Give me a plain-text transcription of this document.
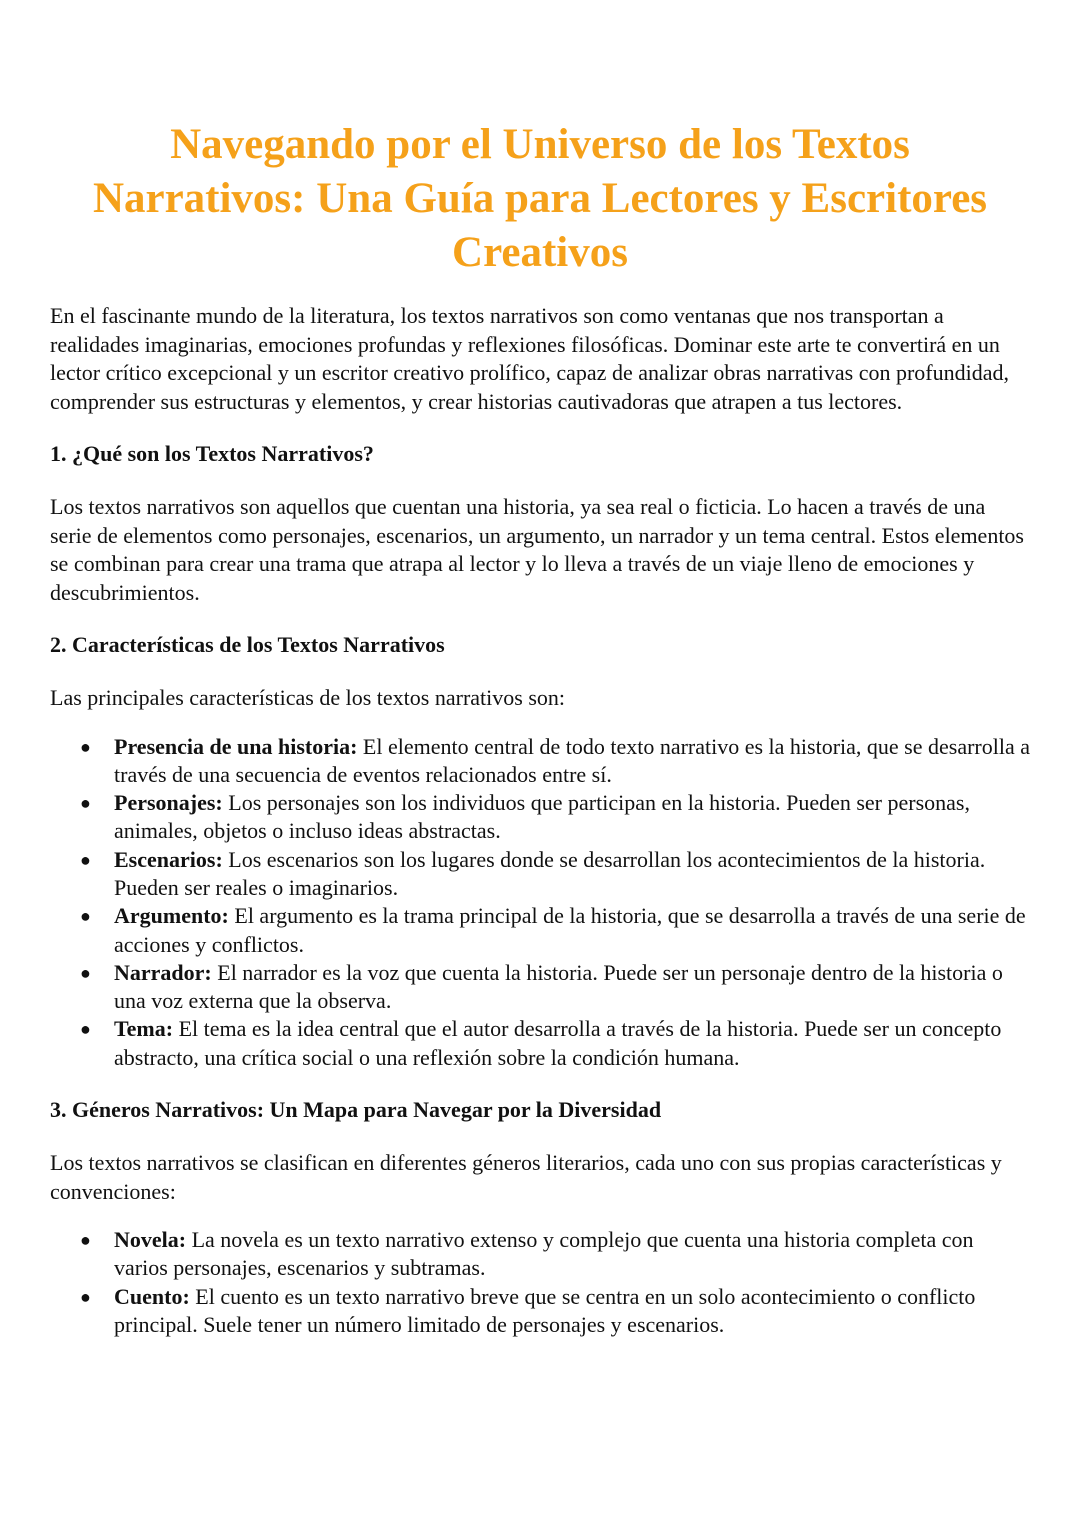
Navegando por el Universo de los Textos Narrativos: Una Guía para Lectores y Escritores Creativos

En el fascinante mundo de la literatura, los textos narrativos son como ventanas que nos transportan a realidades imaginarias, emociones profundas y reflexiones filosóficas. Dominar este arte te convertirá en un lector crítico excepcional y un escritor creativo prolífico, capaz de analizar obras narrativas con profundidad, comprender sus estructuras y elementos, y crear historias cautivadoras que atrapen a tus lectores.

1. ¿Qué son los Textos Narrativos?

Los textos narrativos son aquellos que cuentan una historia, ya sea real o ficticia. Lo hacen a través de una serie de elementos como personajes, escenarios, un argumento, un narrador y un tema central. Estos elementos se combinan para crear una trama que atrapa al lector y lo lleva a través de un viaje lleno de emociones y descubrimientos.

2. Características de los Textos Narrativos

Las principales características de los textos narrativos son:

● Presencia de una historia: El elemento central de todo texto narrativo es la historia, que se desarrolla a través de una secuencia de eventos relacionados entre sí.
● Personajes: Los personajes son los individuos que participan en la historia. Pueden ser personas, animales, objetos o incluso ideas abstractas.
● Escenarios: Los escenarios son los lugares donde se desarrollan los acontecimientos de la historia. Pueden ser reales o imaginarios.
● Argumento: El argumento es la trama principal de la historia, que se desarrolla a través de una serie de acciones y conflictos.
● Narrador: El narrador es la voz que cuenta la historia. Puede ser un personaje dentro de la historia o una voz externa que la observa.
● Tema: El tema es la idea central que el autor desarrolla a través de la historia. Puede ser un concepto abstracto, una crítica social o una reflexión sobre la condición humana.
3. Géneros Narrativos: Un Mapa para Navegar por la Diversidad

Los textos narrativos se clasifican en diferentes géneros literarios, cada uno con sus propias características y convenciones:

● Novela: La novela es un texto narrativo extenso y complejo que cuenta una historia completa con varios personajes, escenarios y subtramas.
● Cuento: El cuento es un texto narrativo breve que se centra en un solo acontecimiento o conflicto principal. Suele tener un número limitado de personajes y escenarios.
